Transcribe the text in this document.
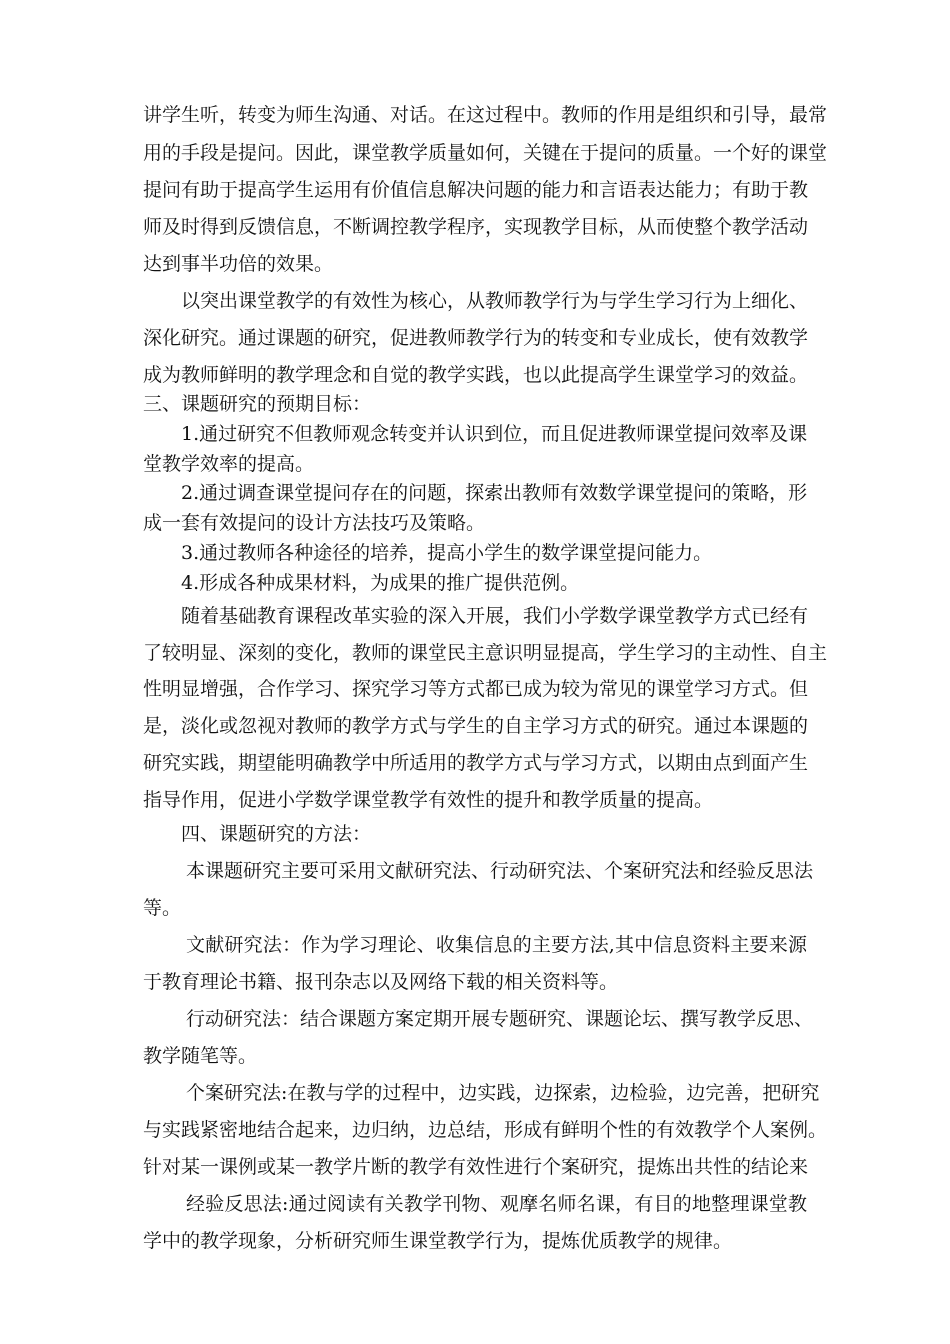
讲学生听，转变为师生沟通、对话。在这过程中。教师的作用是组织和引导，最常
用的手段是提问。因此，课堂教学质量如何，关键在于提问的质量。一个好的课堂
提问有助于提高学生运用有价值信息解决问题的能力和言语表达能力；有助于教
师及时得到反馈信息，不断调控教学程序，实现教学目标，从而使整个教学活动
达到事半功倍的效果。
以突出课堂教学的有效性为核心，从教师教学行为与学生学习行为上细化、
深化研究。通过课题的研究，促进教师教学行为的转变和专业成长，使有效教学
成为教师鲜明的教学理念和自觉的教学实践，也以此提高学生课堂学习的效益。
三、课题研究的预期目标：
1.通过研究不但教师观念转变并认识到位，而且促进教师课堂提问效率及课
堂教学效率的提高。
2.通过调查课堂提问存在的问题，探索出教师有效数学课堂提问的策略，形
成一套有效提问的设计方法技巧及策略。
3.通过教师各种途径的培养，提高小学生的数学课堂提问能力。
4.形成各种成果材料，为成果的推广提供范例。
随着基础教育课程改革实验的深入开展，我们小学数学课堂教学方式已经有
了较明显、深刻的变化，教师的课堂民主意识明显提高，学生学习的主动性、自主
性明显增强，合作学习、探究学习等方式都已成为较为常见的课堂学习方式。但
是，淡化或忽视对教师的教学方式与学生的自主学习方式的研究。通过本课题的
研究实践，期望能明确教学中所适用的教学方式与学习方式，以期由点到面产生
指导作用，促进小学数学课堂教学有效性的提升和教学质量的提高。
四、课题研究的方法：
本课题研究主要可采用文献研究法、行动研究法、个案研究法和经验反思法
等。
文献研究法：作为学习理论、收集信息的主要方法,其中信息资料主要来源
于教育理论书籍、报刊杂志以及网络下载的相关资料等。
行动研究法：结合课题方案定期开展专题研究、课题论坛、撰写教学反思、
教学随笔等。
个案研究法:在教与学的过程中，边实践，边探索，边检验，边完善，把研究
与实践紧密地结合起来，边归纳，边总结，形成有鲜明个性的有效教学个人案例。
针对某一课例或某一教学片断的教学有效性进行个案研究，提炼出共性的结论来
经验反思法:通过阅读有关教学刊物、观摩名师名课，有目的地整理课堂教
学中的教学现象，分析研究师生课堂教学行为，提炼优质教学的规律。
